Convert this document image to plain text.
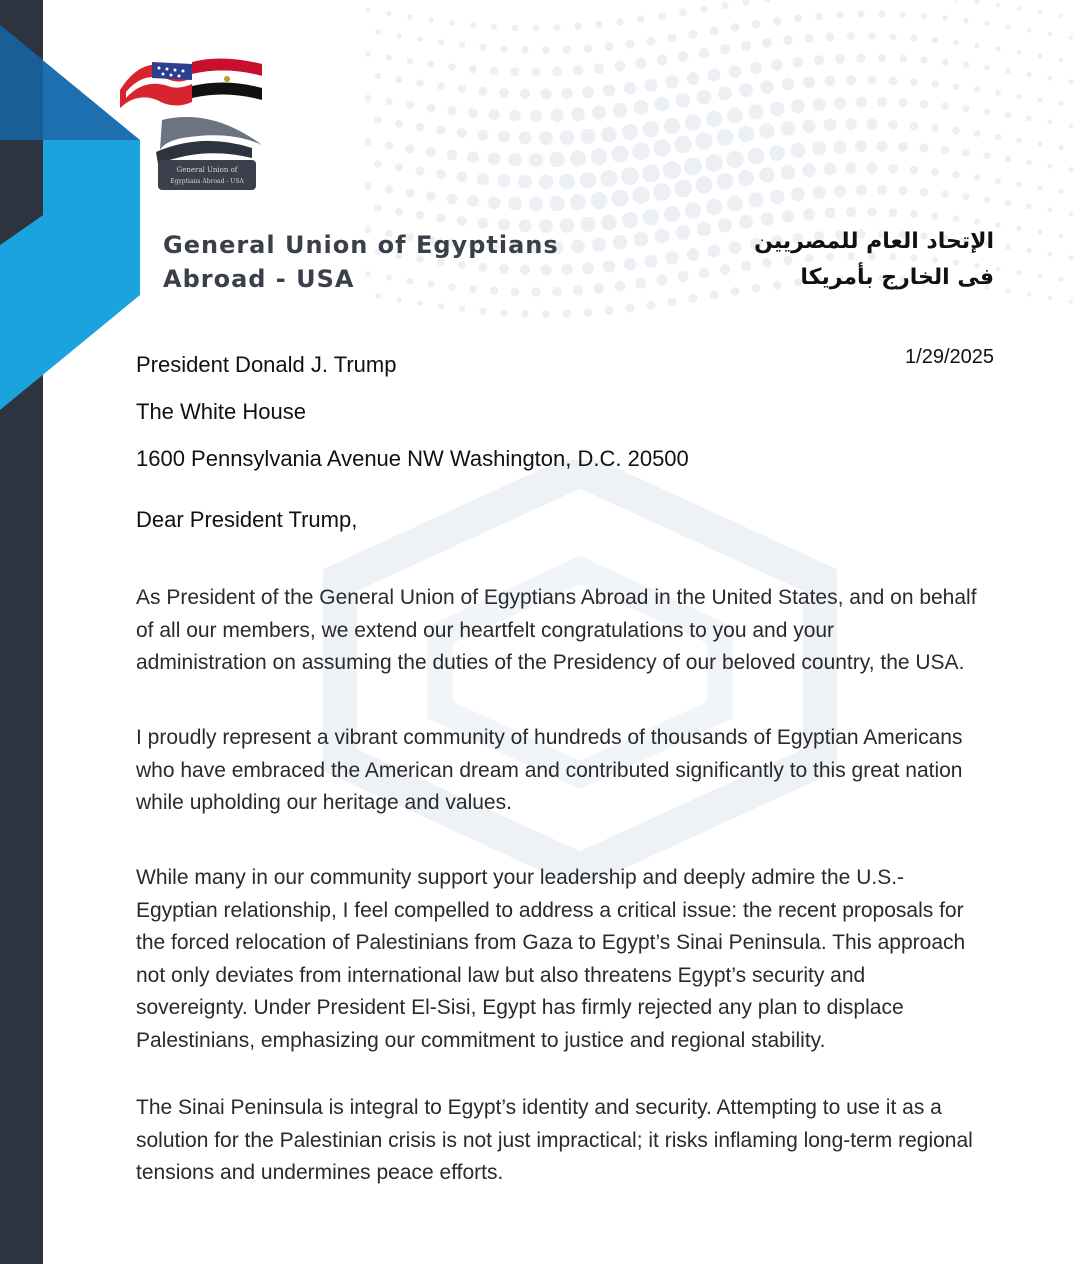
General Union of
Egyptians Abroad - USA
General Union of Egyptians
Abroad - USA
الإتحاد العام للمصريين
فى الخارج بأمريكا
President Donald J. Trump
The White House
1600 Pennsylvania Avenue NW Washington, D.C. 20500
1/29/2025
Dear President Trump,
As President of the General Union of Egyptians Abroad in the United States, and on behalf
of all our members, we extend our heartfelt congratulations to you and your
administration on assuming the duties of the Presidency of our beloved country, the USA.
I proudly represent a vibrant community of hundreds of thousands of Egyptian Americans
who have embraced the American dream and contributed significantly to this great nation
while upholding our heritage and values.
While many in our community support your leadership and deeply admire the U.S.-
Egyptian relationship, I feel compelled to address a critical issue: the recent proposals for
the forced relocation of Palestinians from Gaza to Egypt’s Sinai Peninsula. This approach
not only deviates from international law but also threatens Egypt’s security and
sovereignty. Under President El-Sisi, Egypt has firmly rejected any plan to displace
Palestinians, emphasizing our commitment to justice and regional stability.
The Sinai Peninsula is integral to Egypt’s identity and security. Attempting to use it as a
solution for the Palestinian crisis is not just impractical; it risks inflaming long-term regional
tensions and undermines peace efforts.
